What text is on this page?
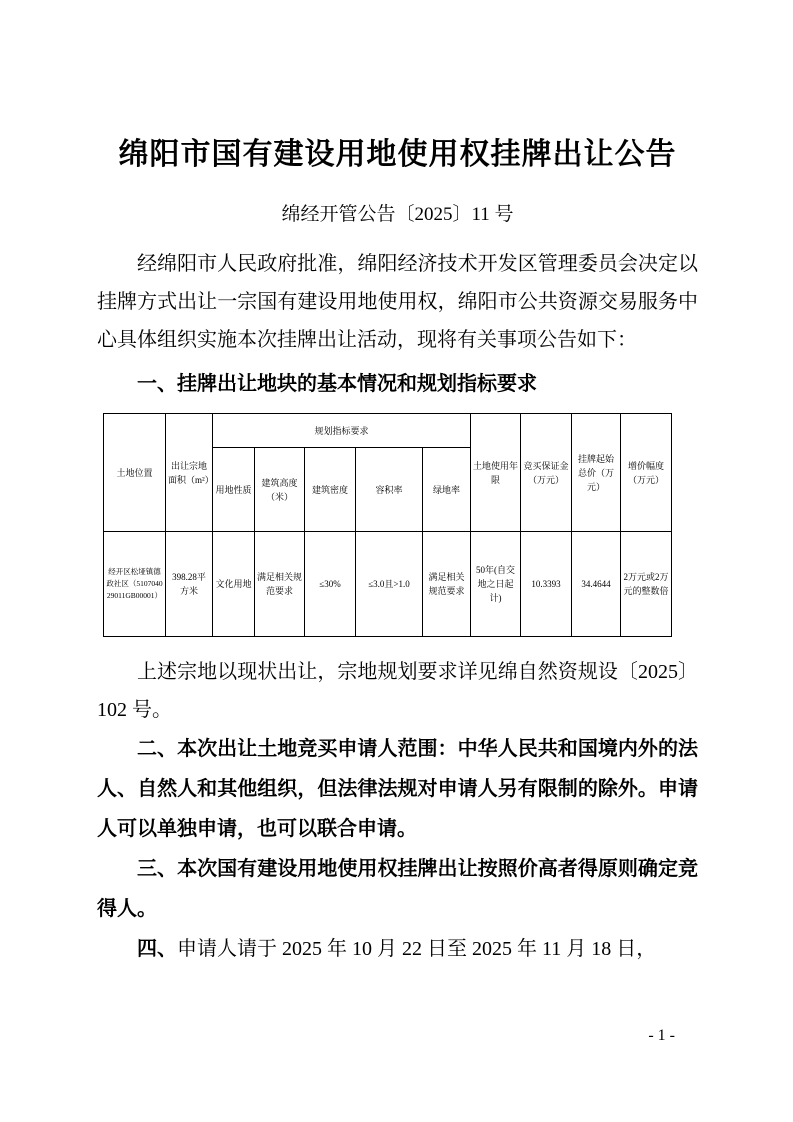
绵阳市国有建设用地使用权挂牌出让公告
绵经开管公告〔2025〕11 号

经绵阳市人民政府批准，绵阳经济技术开发区管理委员会决定以挂牌方式出让一宗国有建设用地使用权，绵阳市公共资源交易服务中心具体组织实施本次挂牌出让活动，现将有关事项公告如下：

一、挂牌出让地块的基本情况和规划指标要求
土地位置	出让宗地面积（m²）	规划指标要求					土地使用年限	竞买保证金（万元）	挂牌起始总价（万元）	增价幅度（万元）
		用地性质	建筑高度（米）	建筑密度	容积率	绿地率				
经开区松垭镇德政社区（510704029011GB00001）	398.28平方米	文化用地	满足相关规范要求	≤30%	≤3.0且>1.0	满足相关规范要求	50年(自交地之日起计)	10.3393	34.4644	2万元或2万元的整数倍

上述宗地以现状出让，宗地规划要求详见绵自然资规设〔2025〕102 号。

二、本次出让土地竞买申请人范围：中华人民共和国境内外的法人、自然人和其他组织，但法律法规对申请人另有限制的除外。申请人可以单独申请，也可以联合申请。

三、本次国有建设用地使用权挂牌出让按照价高者得原则确定竞得人。

四、申请人请于 2025 年 10 月 22 日至 2025 年 11 月 18 日，

- 1 -
